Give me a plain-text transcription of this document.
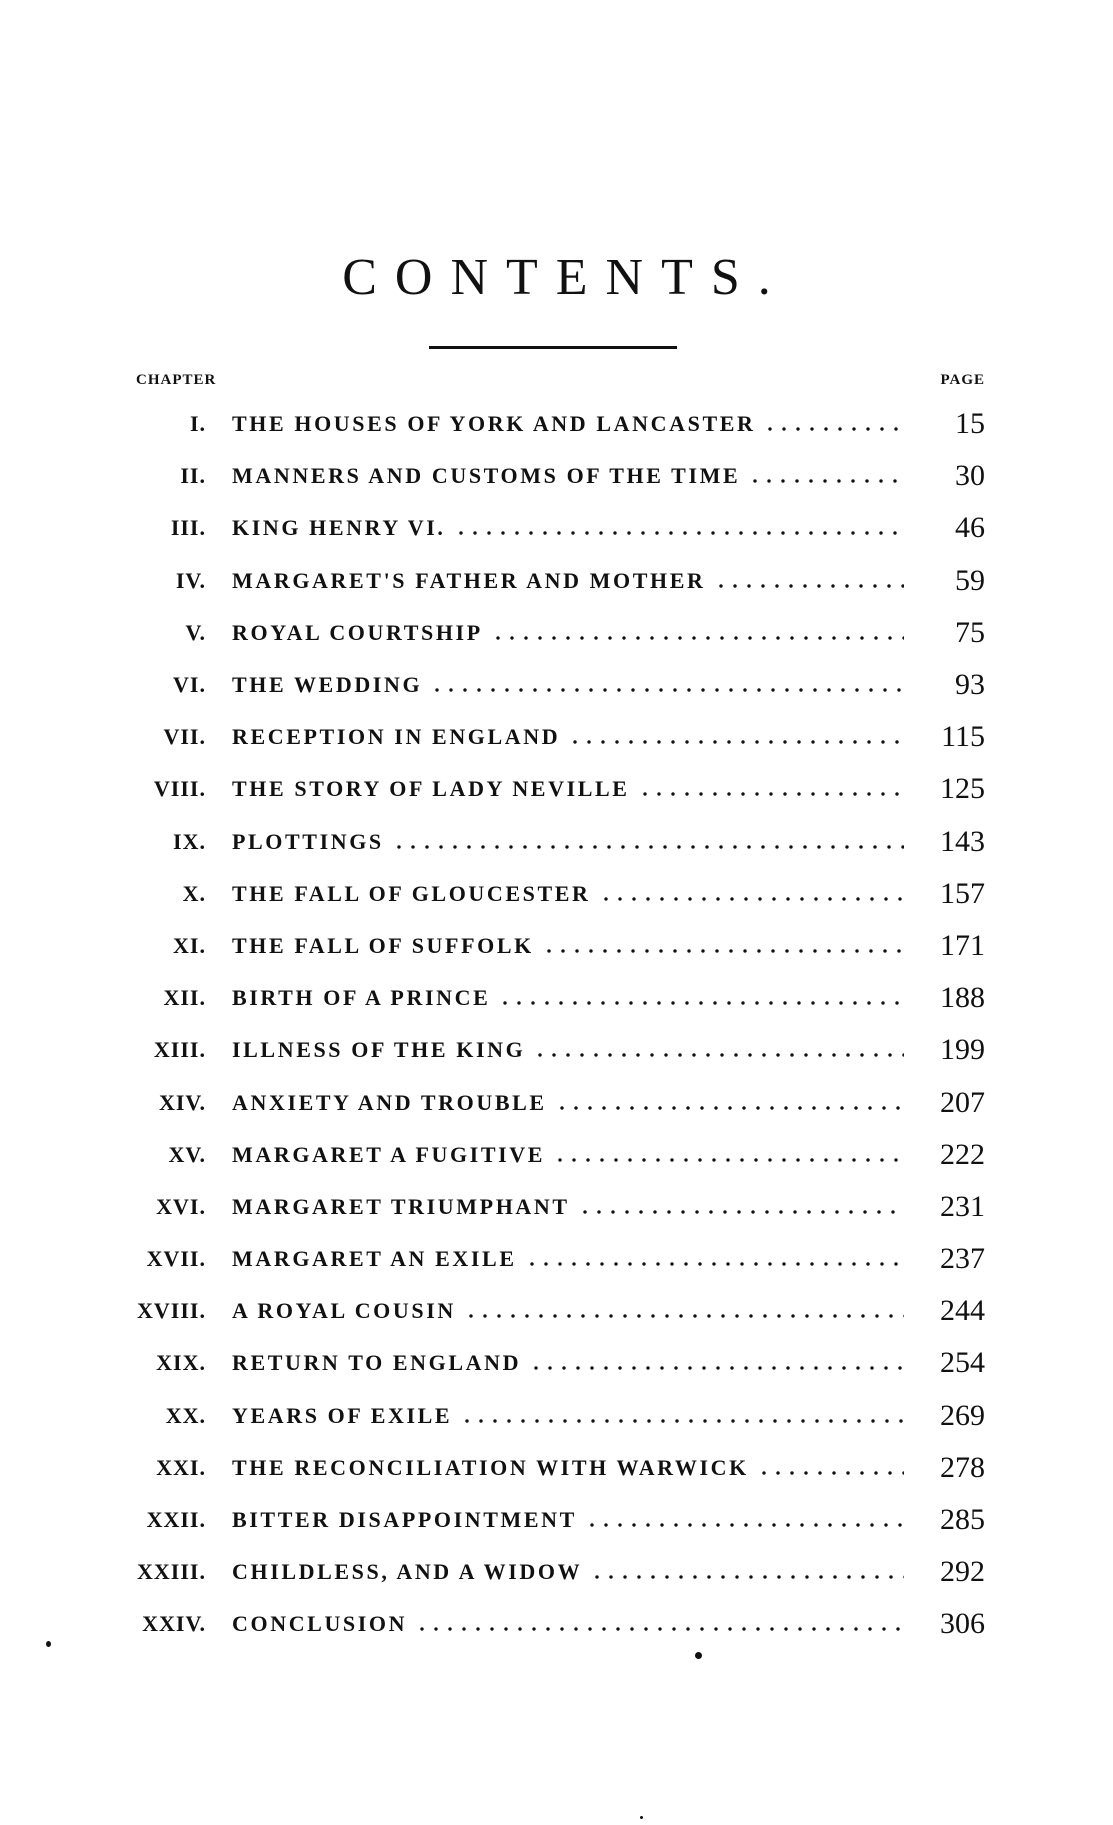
CONTENTS.
CHAPTER	PAGE
I. THE HOUSES OF YORK AND LANCASTER	15
II. MANNERS AND CUSTOMS OF THE TIME	30
III. KING HENRY VI.	46
IV. MARGARET'S FATHER AND MOTHER	59
V. ROYAL COURTSHIP	75
VI. THE WEDDING	93
VII. RECEPTION IN ENGLAND	115
VIII. THE STORY OF LADY NEVILLE	125
IX. PLOTTINGS	143
X. THE FALL OF GLOUCESTER	157
XI. THE FALL OF SUFFOLK	171
XII. BIRTH OF A PRINCE	188
XIII. ILLNESS OF THE KING	199
XIV. ANXIETY AND TROUBLE	207
XV. MARGARET A FUGITIVE	222
XVI. MARGARET TRIUMPHANT	231
XVII. MARGARET AN EXILE	237
XVIII. A ROYAL COUSIN	244
XIX. RETURN TO ENGLAND	254
XX. YEARS OF EXILE	269
XXI. THE RECONCILIATION WITH WARWICK	278
XXII. BITTER DISAPPOINTMENT	285
XXIII. CHILDLESS, AND A WIDOW	292
XXIV. CONCLUSION	306
